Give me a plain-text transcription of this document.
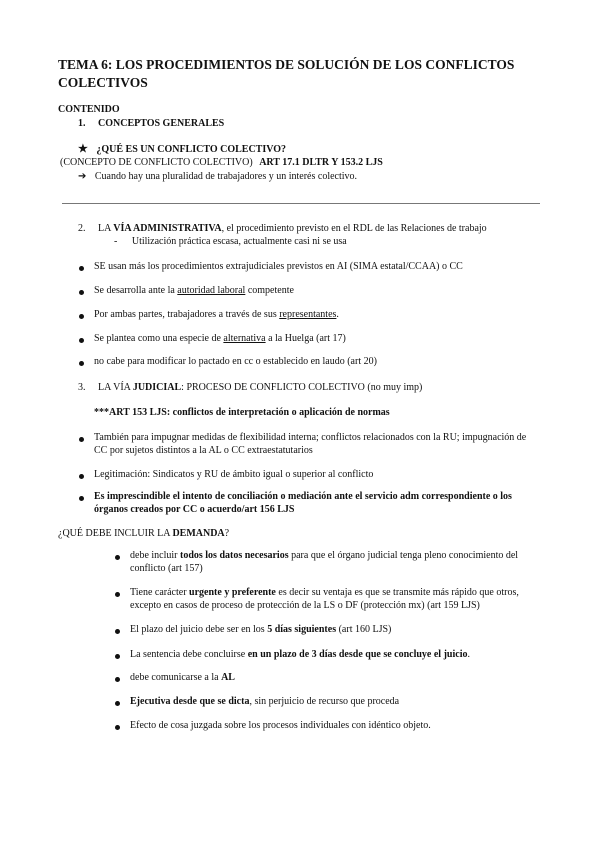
TEMA 6: LOS PROCEDIMIENTOS DE SOLUCIÓN DE LOS CONFLICTOS COLECTIVOS
CONTENIDO
1. CONCEPTOS GENERALES
★ ¿QUÉ ES UN CONFLICTO COLECTIVO?
(CONCEPTO DE CONFLICTO COLECTIVO) ART 17.1 DLTR Y 153.2 LJS
➔ Cuando hay una pluralidad de trabajadores y un interés colectivo.
2. LA VÍA ADMINISTRATIVA, el procedimiento previsto en el RDL de las Relaciones de trabajo
- Utilización práctica escasa, actualmente casi ni se usa
SE usan más los procedimientos extrajudiciales previstos en AI (SIMA estatal/CCAA) o CC
Se desarrolla ante la autoridad laboral competente
Por ambas partes, trabajadores a través de sus representantes.
Se plantea como una especie de alternativa a la Huelga (art 17)
no cabe para modificar lo pactado en cc o establecido en laudo (art 20)
3. LA VÍA JUDICIAL: PROCESO DE CONFLICTO COLECTIVO (no muy imp)
***ART 153 LJS: conflictos de interpretación o aplicación de normas
También para impugnar medidas de flexibilidad interna; conflictos relacionados con la RU; impugnación de CC por sujetos distintos a la AL o CC extraestatutarios
Legitimación: Sindicatos y RU de ámbito igual o superior al conflicto
Es imprescindible el intento de conciliación o mediación ante el servicio adm correspondiente o los órganos creados por CC o acuerdo/art 156 LJS
¿QUÉ DEBE INCLUIR LA DEMANDA?
debe incluir todos los datos necesarios para que el órgano judicial tenga pleno conocimiento del conflicto (art 157)
Tiene carácter urgente y preferente es decir su ventaja es que se transmite más rápido que otros, excepto en casos de proceso de protección de la LS o DF (protección mx) (art 159 LJS)
El plazo del juicio debe ser en los 5 días siguientes (art 160 LJS)
La sentencia debe concluirse en un plazo de 3 días desde que se concluye el juicio.
debe comunicarse a la AL
Ejecutiva desde que se dicta, sin perjuicio de recurso que proceda
Efecto de cosa juzgada sobre los procesos individuales con idéntico objeto.
